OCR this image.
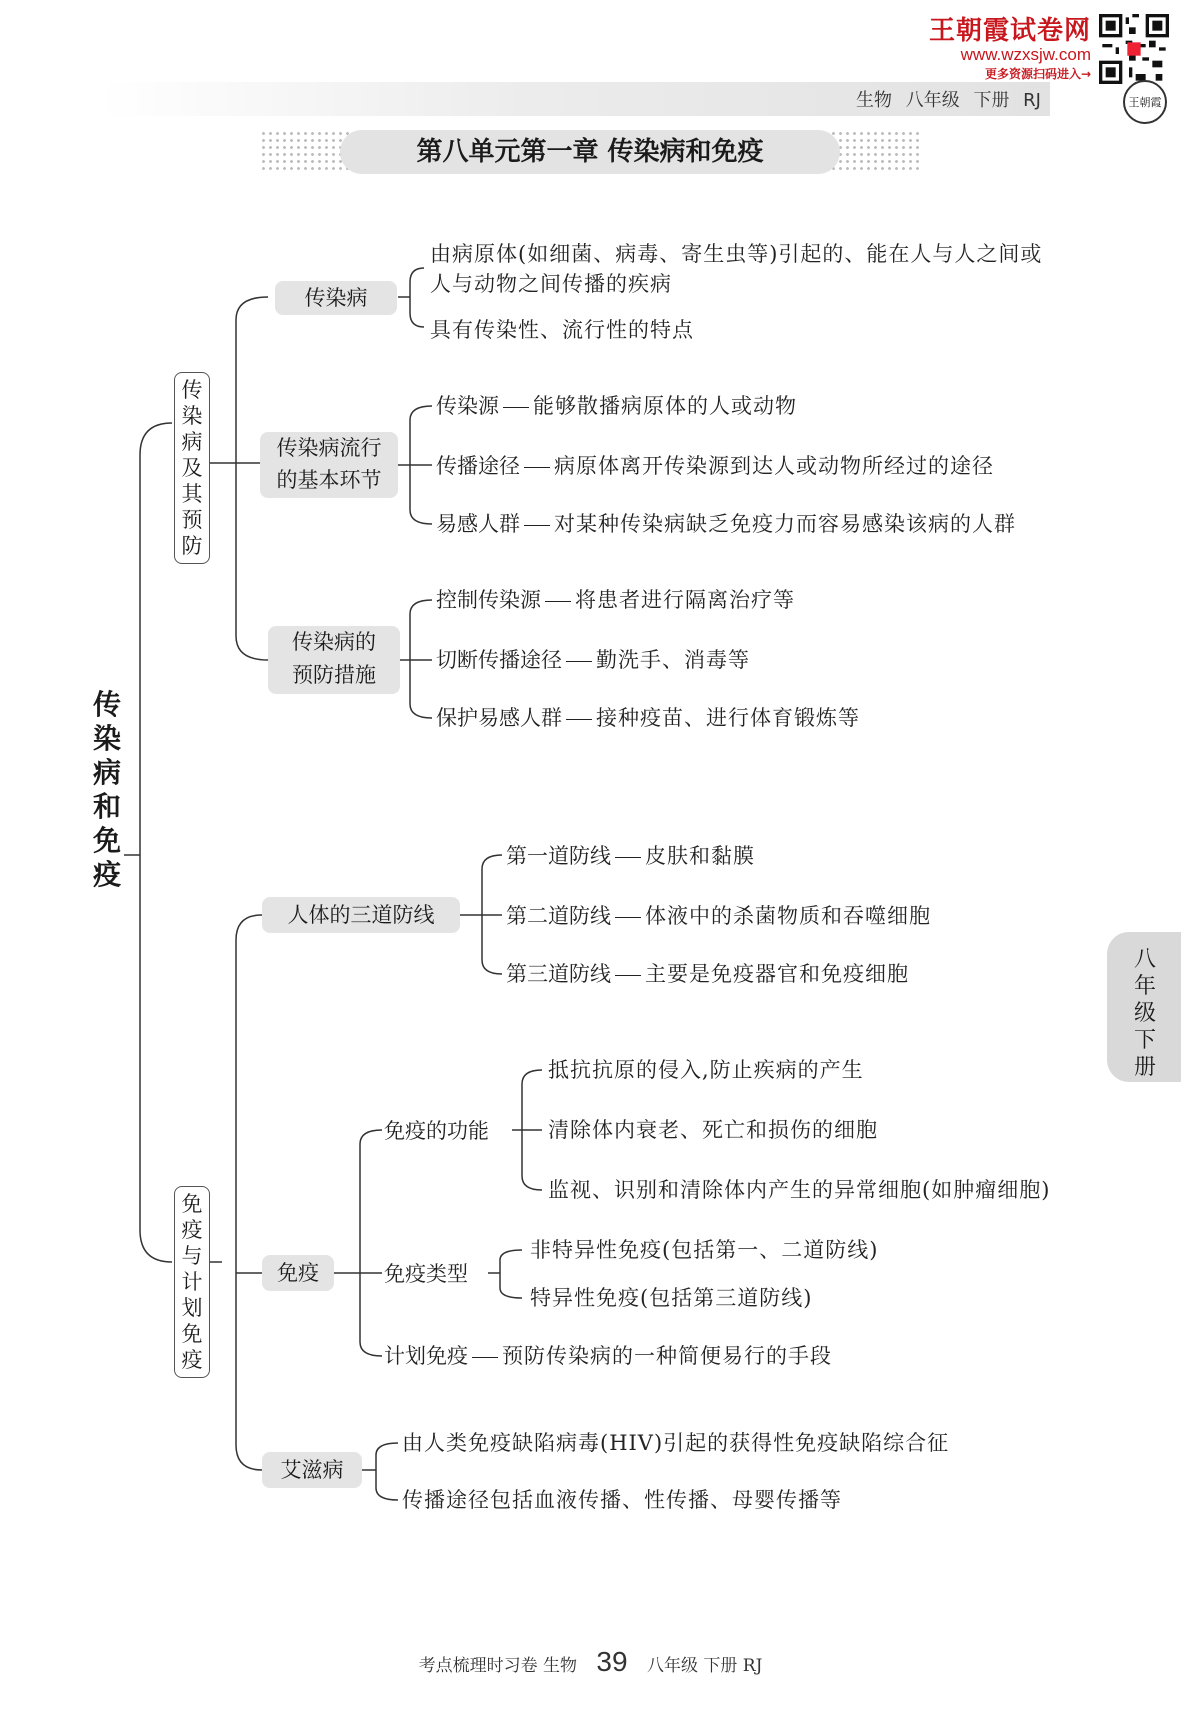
王朝霞试卷网
www.wzxsjw.com
更多资源扫码进入→
王朝霞
生物 八年级 下册 RJ
第八单元第一章 传染病和免疫
传
染
病
和
免
疫
传
染
病
及
其
预
防
免
疫
与
计
划
免
疫
传染病
传染病流行
的基本环节
传染病的
预防措施
人体的三道防线
免疫
艾滋病
由病原体(如细菌、病毒、寄生虫等)引起的、能在人与人之间或
人与动物之间传播的疾病
具有传染性、流行性的特点
传染源 能够散播病原体的人或动物
传播途径 病原体离开传染源到达人或动物所经过的途径
易感人群 对某种传染病缺乏免疫力而容易感染该病的人群
控制传染源 将患者进行隔离治疗等
切断传播途径 勤洗手、消毒等
保护易感人群 接种疫苗、进行体育锻炼等
第一道防线 皮肤和黏膜
第二道防线 体液中的杀菌物质和吞噬细胞
第三道防线 主要是免疫器官和免疫细胞
免疫的功能
抵抗抗原的侵入,防止疾病的产生
清除体内衰老、死亡和损伤的细胞
监视、识别和清除体内产生的异常细胞(如肿瘤细胞)
免疫类型
非特异性免疫(包括第一、二道防线)
特异性免疫(包括第三道防线)
计划免疫 预防传染病的一种简便易行的手段
由人类免疫缺陷病毒(HIV)引起的获得性免疫缺陷综合征
传播途径包括血液传播、性传播、母婴传播等
八
年
级
下
册
考点梳理时习卷 生物 39 八年级 下册 RJ
